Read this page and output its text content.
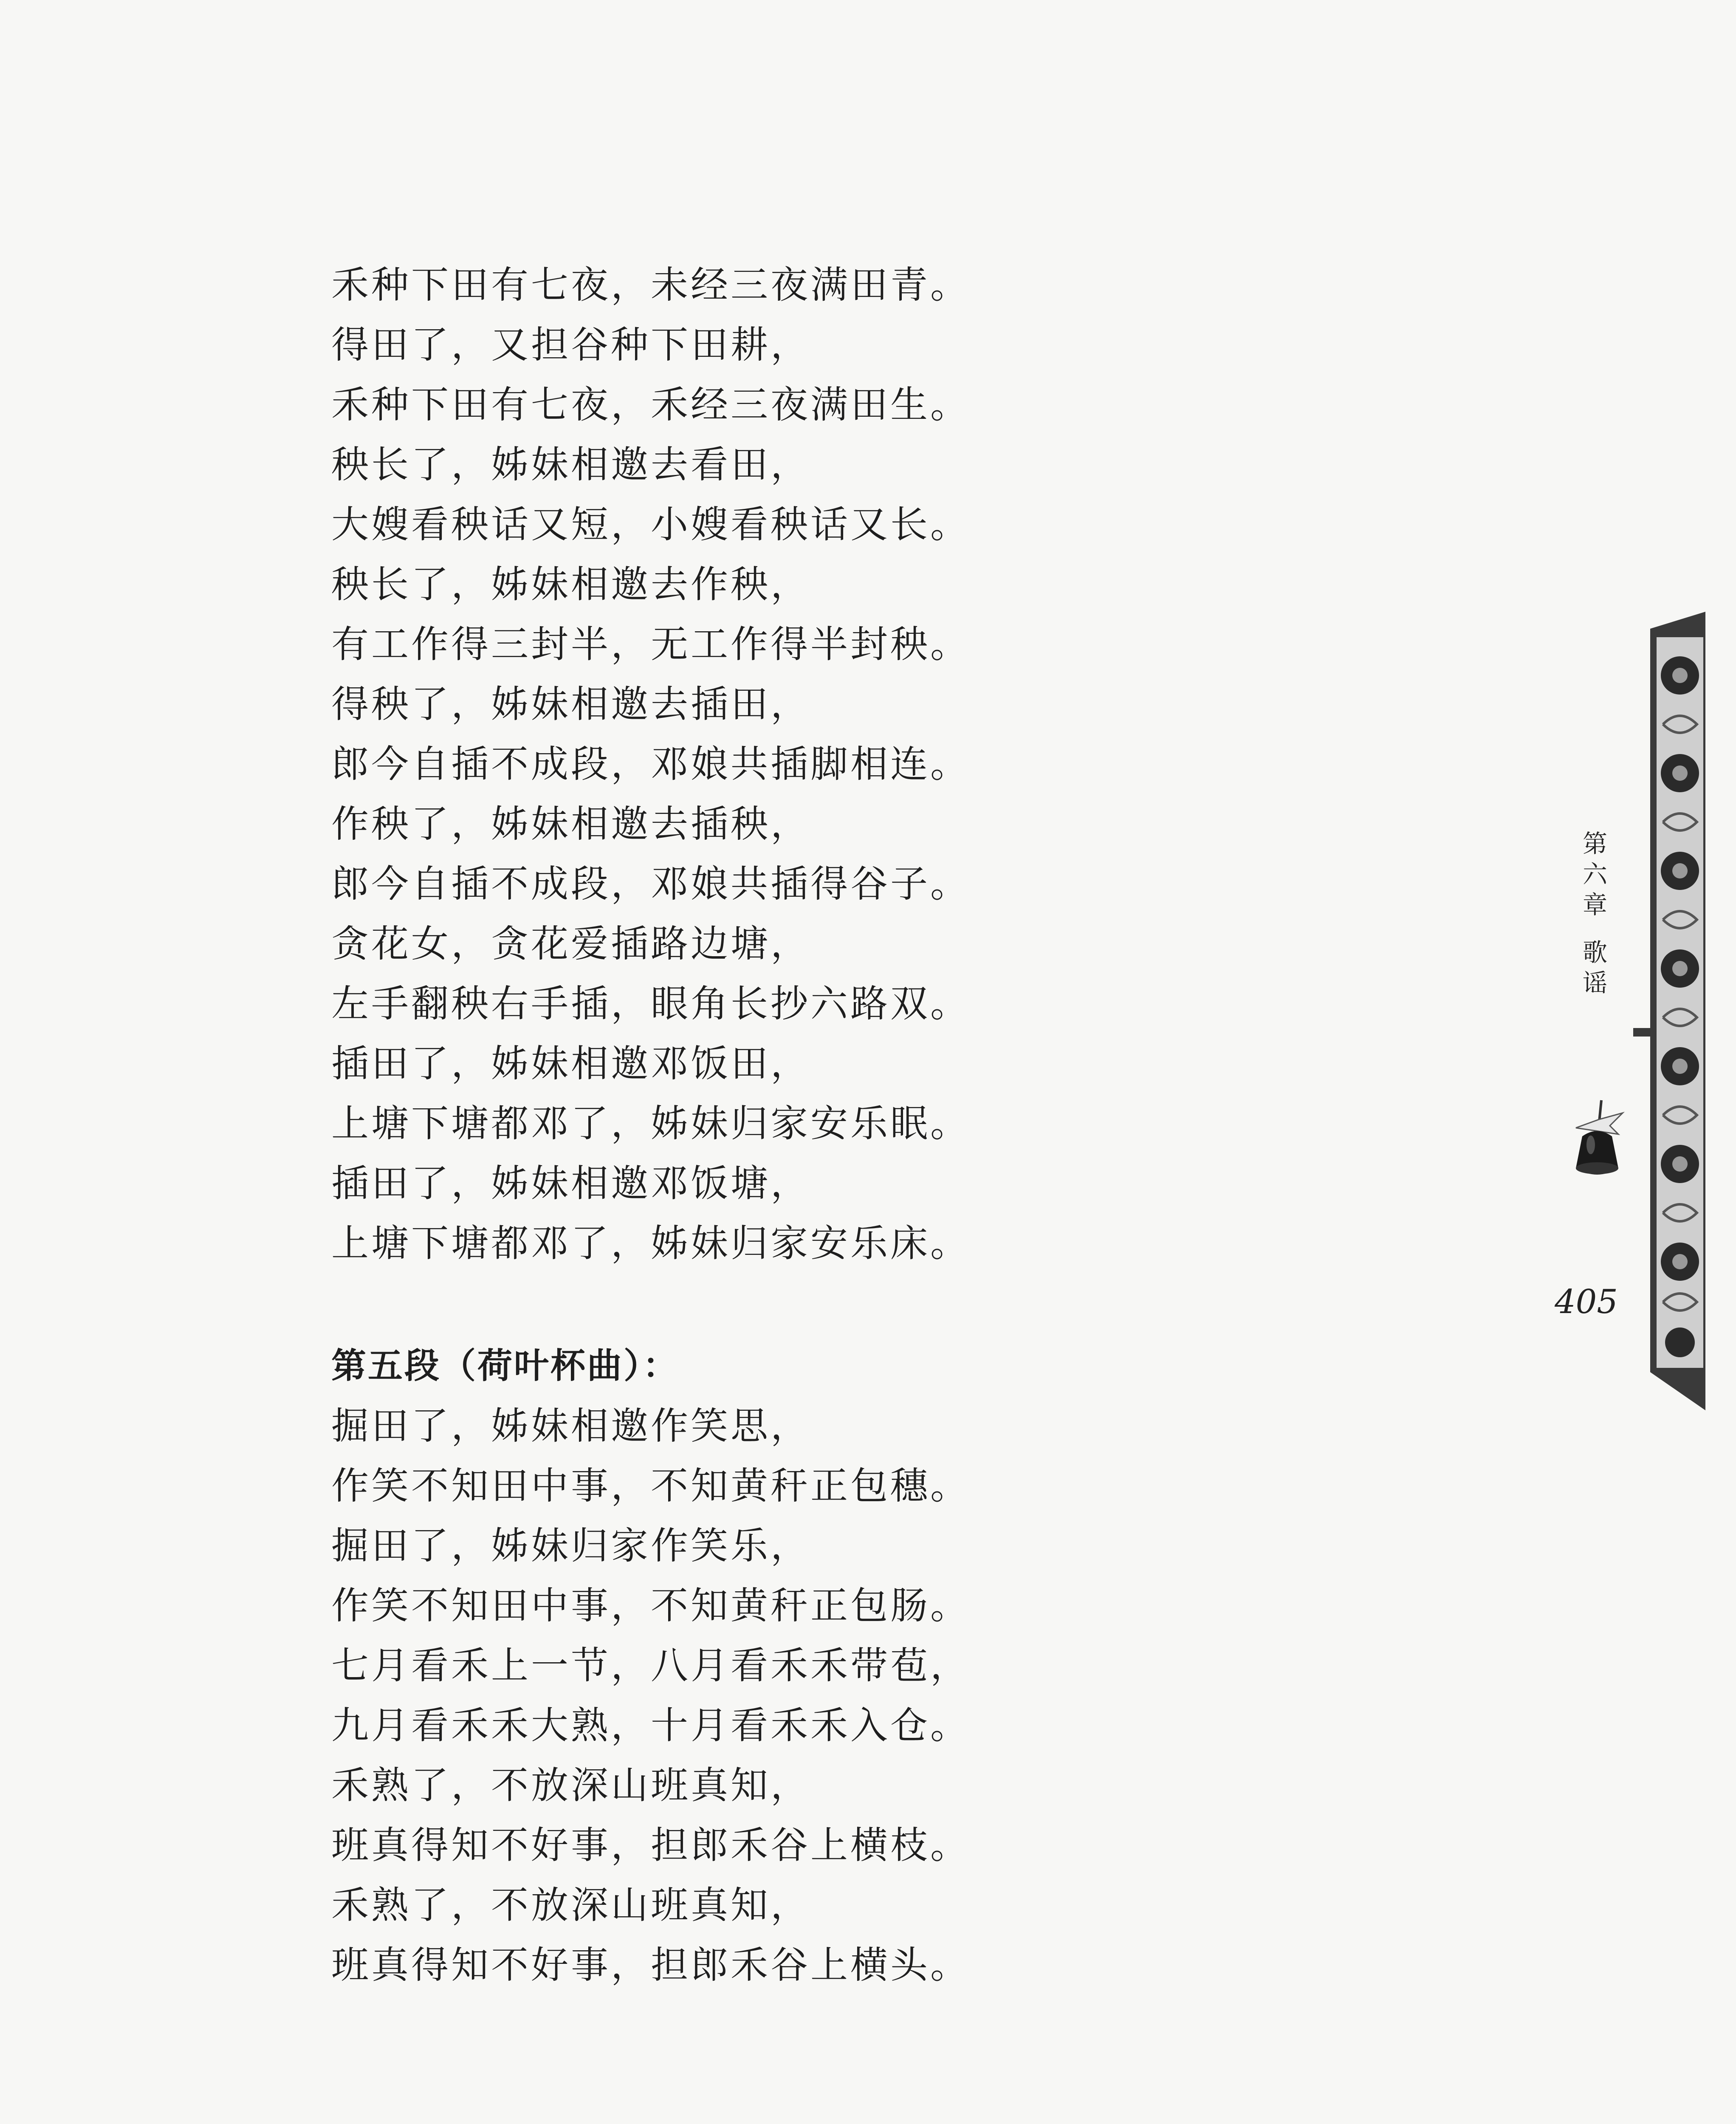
禾种下田有七夜，未经三夜满田青。
得田了，又担谷种下田耕，
禾种下田有七夜，禾经三夜满田生。
秧长了，姊妹相邀去看田，
大嫂看秧话又短，小嫂看秧话又长。
秧长了，姊妹相邀去作秧，
有工作得三封半，无工作得半封秧。
得秧了，姊妹相邀去插田，
郎今自插不成段，邓娘共插脚相连。
作秧了，姊妹相邀去插秧，
郎今自插不成段，邓娘共插得谷子。
贪花女，贪花爱插路边塘，
左手翻秧右手插，眼角长抄六路双。
插田了，姊妹相邀邓饭田，
上塘下塘都邓了，姊妹归家安乐眠。
插田了，姊妹相邀邓饭塘，
上塘下塘都邓了，姊妹归家安乐床。
第五段（荷叶杯曲）：
掘田了，姊妹相邀作笑思，
作笑不知田中事，不知黄秆正包穗。
掘田了，姊妹归家作笑乐，
作笑不知田中事，不知黄秆正包肠。
七月看禾上一节，八月看禾禾带苞，
九月看禾禾大熟，十月看禾禾入仓。
禾熟了，不放深山班真知，
班真得知不好事，担郎禾谷上横枝。
禾熟了，不放深山班真知，
班真得知不好事，担郎禾谷上横头。
第
六
章
歌
谣
405
